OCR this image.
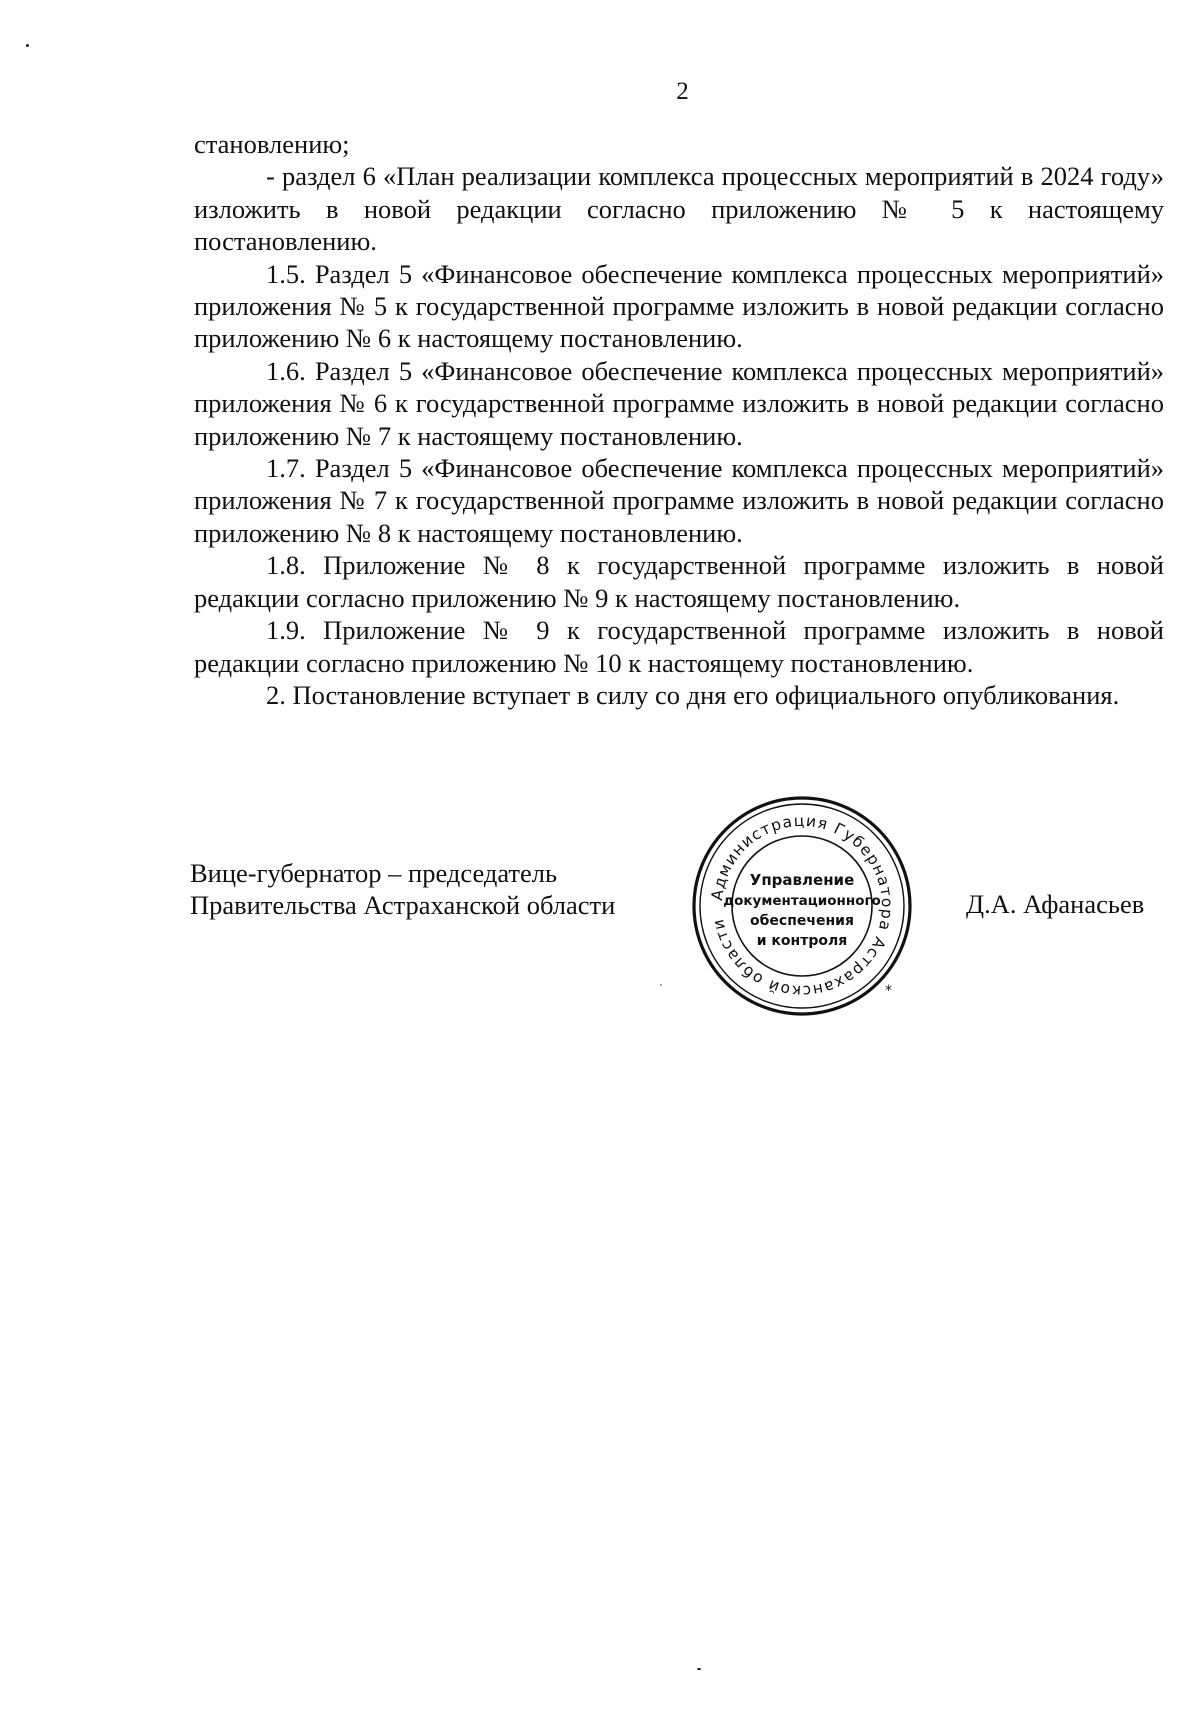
2

становлению;

- раздел 6 «План реализации комплекса процессных мероприятий в 2024 году» изложить в новой редакции согласно приложению № 5 к настоящему постановлению.

1.5. Раздел 5 «Финансовое обеспечение комплекса процессных мероприятий» приложения № 5 к государственной программе изложить в новой редакции согласно приложению № 6 к настоящему постановлению.

1.6. Раздел 5 «Финансовое обеспечение комплекса процессных мероприятий» приложения № 6 к государственной программе изложить в новой редакции согласно приложению № 7 к настоящему постановлению.

1.7. Раздел 5 «Финансовое обеспечение комплекса процессных мероприятий» приложения № 7 к государственной программе изложить в новой редакции согласно приложению № 8 к настоящему постановлению.

1.8. Приложение № 8 к государственной программе изложить в новой редакции согласно приложению № 9 к настоящему постановлению.

1.9. Приложение № 9 к государственной программе изложить в новой редакции согласно приложению № 10 к настоящему постановлению.

2. Постановление вступает в силу со дня его официального опубликования.

Вице-губернатор – председатель
Правительства Астраханской области	Д.А. Афанасьев
Администрация Губернатора Астраханской области
*
Управление
документационного
обеспечения
и контроля
